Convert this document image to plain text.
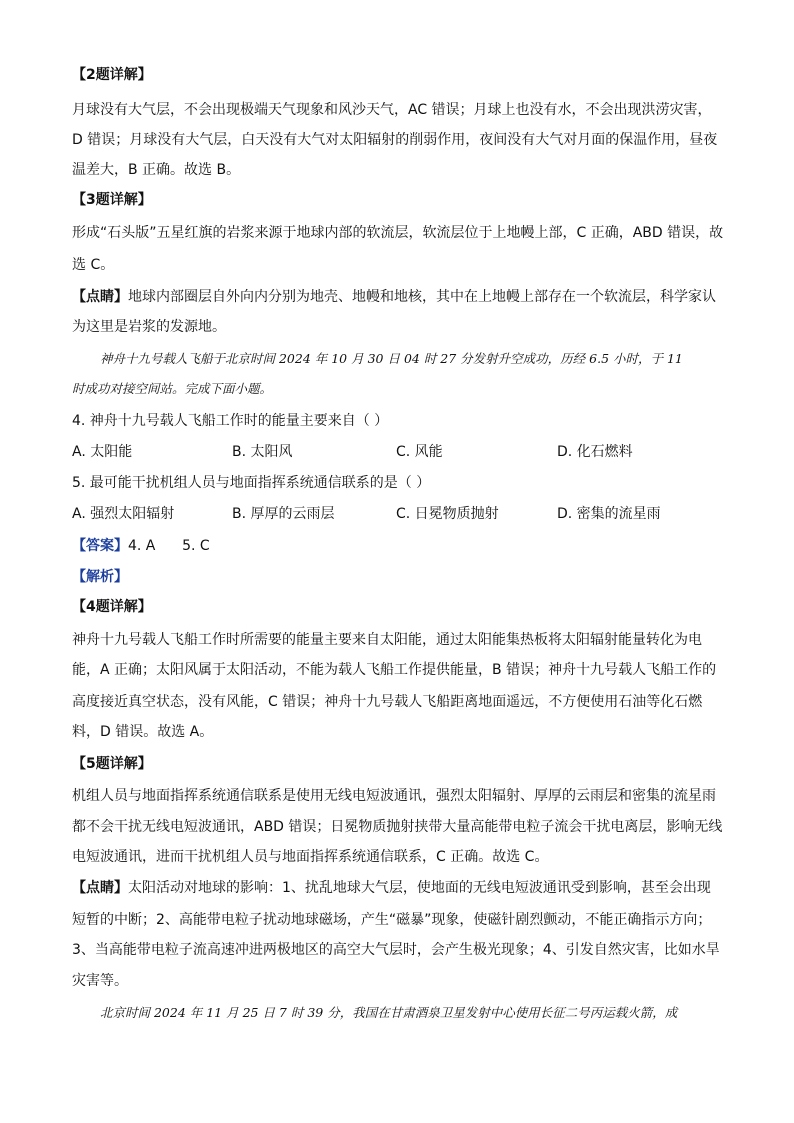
【2题详解】
月球没有大气层，不会出现极端天气现象和风沙天气，AC 错误；月球上也没有水，不会出现洪涝灾害，
D 错误；月球没有大气层，白天没有大气对太阳辐射的削弱作用，夜间没有大气对月面的保温作用，昼夜
温差大，B 正确。故选 B。
【3题详解】
形成“石头版”五星红旗的岩浆来源于地球内部的软流层，软流层位于上地幔上部，C 正确，ABD 错误，故
选 C。
【点睛】地球内部圈层自外向内分别为地壳、地幔和地核，其中在上地幔上部存在一个软流层，科学家认
为这里是岩浆的发源地。
神舟十九号载人飞船于北京时间 2024 年 10 月 30 日 04 时 27 分发射升空成功，历经 6.5 小时，于 11
时成功对接空间站。完成下面小题。
4. 神舟十九号载人飞船工作时的能量主要来自（ ）
A. 太阳能	B. 太阳风	C. 风能	D. 化石燃料
5. 最可能干扰机组人员与地面指挥系统通信联系的是（ ）
A. 强烈太阳辐射	B. 厚厚的云雨层	C. 日冕物质抛射	D. 密集的流星雨
【答案】4. A      5. C
【解析】
【4题详解】
神舟十九号载人飞船工作时所需要的能量主要来自太阳能，通过太阳能集热板将太阳辐射能量转化为电
能，A 正确；太阳风属于太阳活动，不能为载人飞船工作提供能量，B 错误；神舟十九号载人飞船工作的
高度接近真空状态，没有风能，C 错误；神舟十九号载人飞船距离地面遥远，不方便使用石油等化石燃
料，D 错误。故选 A。
【5题详解】
机组人员与地面指挥系统通信联系是使用无线电短波通讯，强烈太阳辐射、厚厚的云雨层和密集的流星雨
都不会干扰无线电短波通讯，ABD 错误；日冕物质抛射挟带大量高能带电粒子流会干扰电离层，影响无线
电短波通讯，进而干扰机组人员与地面指挥系统通信联系，C 正确。故选 C。
【点睛】太阳活动对地球的影响：1、扰乱地球大气层，使地面的无线电短波通讯受到影响，甚至会出现
短暂的中断；2、高能带电粒子扰动地球磁场，产生“磁暴”现象，使磁针剧烈颤动，不能正确指示方向；
3、当高能带电粒子流高速冲进两极地区的高空大气层时，会产生极光现象；4、引发自然灾害，比如水旱
灾害等。
北京时间 2024 年 11 月 25 日 7 时 39 分，我国在甘肃酒泉卫星发射中心使用长征二号丙运载火箭，成
